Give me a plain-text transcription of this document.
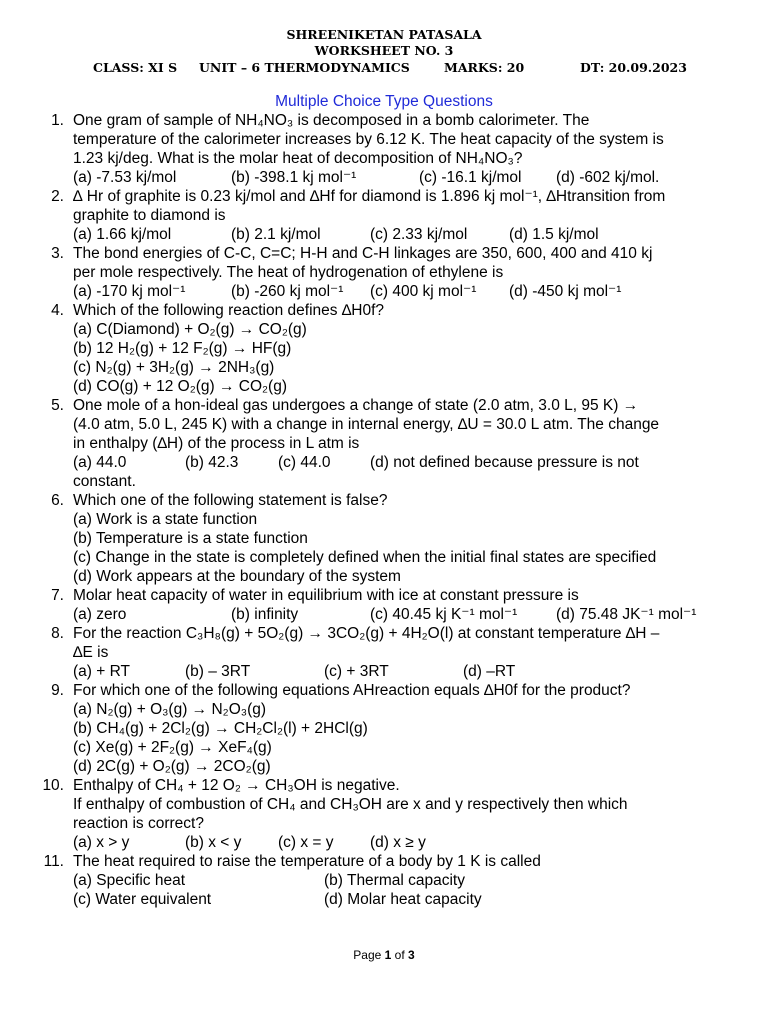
SHREENIKETAN PATASALA
WORKSHEET NO. 3
CLASS: XI S UNIT – 6 THERMODYNAMICS	MARKS: 20	DT: 20.09.2023
Multiple Choice Type Questions
1. One gram of sample of NH₄NO₃ is decomposed in a bomb calorimeter. The
temperature of the calorimeter increases by 6.12 K. The heat capacity of the system is
1.23 kj/deg. What is the molar heat of decomposition of NH₄NO₃?
(a) -7.53 kj/mol	(b) -398.1 kj mol⁻¹	(c) -16.1 kj/mol (d) -602 kj/mol.
2. ∆ Hr of graphite is 0.23 kj/mol and ∆Hf for diamond is 1.896 kj mol⁻¹, ∆Htransition from
graphite to diamond is
(a) 1.66 kj/mol	(b) 2.1 kj/mol	(c) 2.33 kj/mol	(d) 1.5 kj/mol
3. The bond energies of C-C, C=C; H-H and C-H linkages are 350, 600, 400 and 410 kj
per mole respectively. The heat of hydrogenation of ethylene is
(a) -170 kj mol⁻¹	(b) -260 kj mol⁻¹ (c) 400 kj mol⁻¹ (d) -450 kj mol⁻¹
4. Which of the following reaction defines ∆H0f?
(a) C(Diamond) + O₂(g) → CO₂(g)
(b) 12 H₂(g) + 12 F₂(g) → HF(g)
(c) N₂(g) + 3H₂(g) → 2NH₃(g)
(d) CO(g) + 12 O₂(g) → CO₂(g)
5. One mole of a hon-ideal gas undergoes a change of state (2.0 atm, 3.0 L, 95 K) →
(4.0 atm, 5.0 L, 245 K) with a change in internal energy, ∆U = 30.0 L atm. The change
in enthalpy (∆H) of the process in L atm is
(a) 44.0	(b) 42.3	(c) 44.0	(d) not defined because pressure is not
constant.
6. Which one of the following statement is false?
(a) Work is a state function
(b) Temperature is a state function
(c) Change in the state is completely defined when the initial final states are specified
(d) Work appears at the boundary of the system
7. Molar heat capacity of water in equilibrium with ice at constant pressure is
(a) zero	(b) infinity	(c) 40.45 kj K⁻¹ mol⁻¹ (d) 75.48 JK⁻¹ mol⁻¹
8. For the reaction C₃H₈(g) + 5O₂(g) → 3CO₂(g) + 4H₂O(l) at constant temperature ∆H –
∆E is
(a) + RT	(b) – 3RT	(c) + 3RT	(d) –RT
9. For which one of the following equations AHreaction equals ∆H0f for the product?
(a) N₂(g) + O₃(g) → N₂O₃(g)
(b) CH₄(g) + 2Cl₂(g) → CH₂Cl₂(l) + 2HCl(g)
(c) Xe(g) + 2F₂(g) → XeF₄(g)
(d) 2C(g) + O₂(g) → 2CO₂(g)
10. Enthalpy of CH₄ + 12 O₂ → CH₃OH is negative.
If enthalpy of combustion of CH₄ and CH₃OH are x and y respectively then which
reaction is correct?
(a) x > y	(b) x < y (c) x = y (d) x ≥ y
11. The heat required to raise the temperature of a body by 1 K is called
(a) Specific heat	(b) Thermal capacity
(c) Water equivalent	(d) Molar heat capacity
Page 1 of 3
